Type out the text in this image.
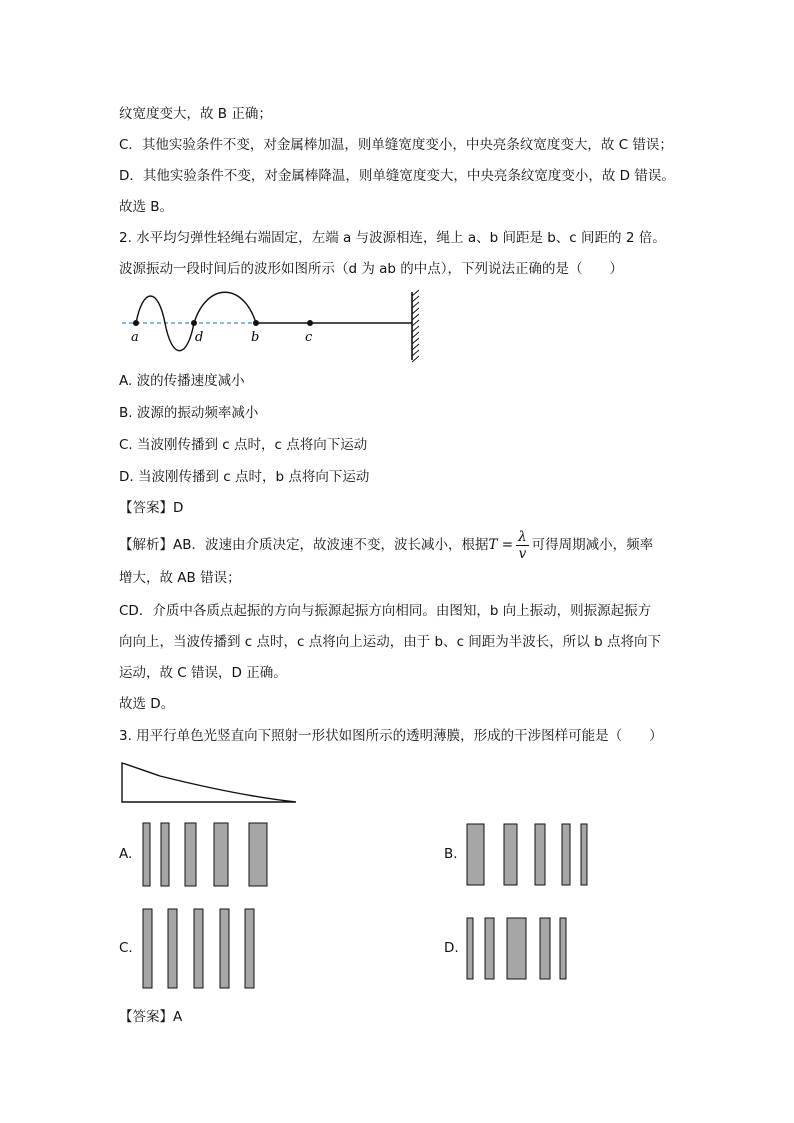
纹宽度变大，故 B 正确；
C．其他实验条件不变，对金属棒加温，则单缝宽度变小，中央亮条纹宽度变大，故 C 错误；
D．其他实验条件不变，对金属棒降温，则单缝宽度变大，中央亮条纹宽度变小，故 D 错误。
故选 B。
2. 水平均匀弹性轻绳右端固定，左端 a 与波源相连，绳上 a、b 间距是 b、c 间距的 2 倍。
波源振动一段时间后的波形如图所示（d 为 ab 的中点），下列说法正确的是（　　）
a	d	b	c
A. 波的传播速度减小
B. 波源的振动频率减小
C. 当波刚传播到 c 点时，c 点将向下运动
D. 当波刚传播到 c 点时，b 点将向下运动
【答案】D
【解析】AB．波速由介质决定，故波速不变，波长减小，根据$T = \frac{\lambda}{v}$ 可得周期减小，频率
增大，故 AB 错误；
CD．介质中各质点起振的方向与振源起振方向相同。由图知，b 向上振动，则振源起振方
向向上，当波传播到 c 点时，c 点将向上运动，由于 b、c 间距为半波长，所以 b 点将向下
运动，故 C 错误，D 正确。
故选 D。
3. 用平行单色光竖直向下照射一形状如图所示的透明薄膜，形成的干涉图样可能是（　　）
A.	B.
C.	D.
【答案】A
